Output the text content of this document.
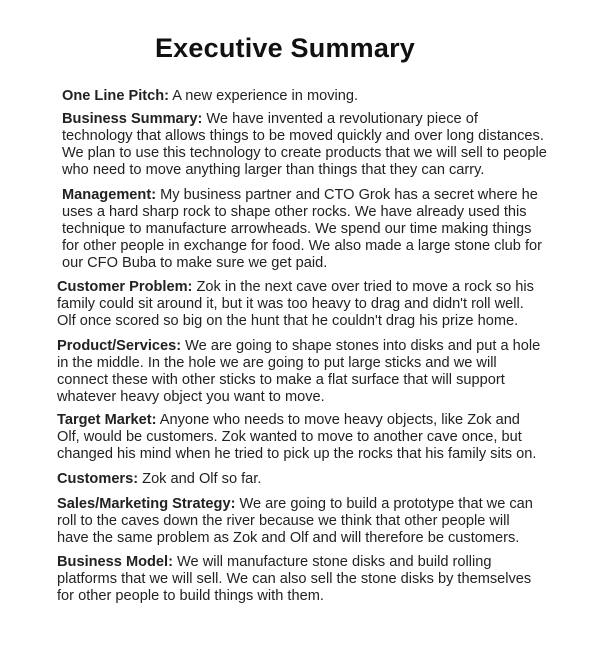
Executive Summary
One Line Pitch: A new experience in moving.
Business Summary: We have invented a revolutionary piece of
technology that allows things to be moved quickly and over long distances.
We plan to use this technology to create products that we will sell to people
who need to move anything larger than things that they can carry.
Management: My business partner and CTO Grok has a secret where he
uses a hard sharp rock to shape other rocks. We have already used this
technique to manufacture arrowheads. We spend our time making things
for other people in exchange for food. We also made a large stone club for
our CFO Buba to make sure we get paid.
Customer Problem: Zok in the next cave over tried to move a rock so his
family could sit around it, but it was too heavy to drag and didn't roll well.
Olf once scored so big on the hunt that he couldn't drag his prize home.
Product/Services: We are going to shape stones into disks and put a hole
in the middle. In the hole we are going to put large sticks and we will
connect these with other sticks to make a flat surface that will support
whatever heavy object you want to move.
Target Market: Anyone who needs to move heavy objects, like Zok and
Olf, would be customers. Zok wanted to move to another cave once, but
changed his mind when he tried to pick up the rocks that his family sits on.
Customers: Zok and Olf so far.
Sales/Marketing Strategy: We are going to build a prototype that we can
roll to the caves down the river because we think that other people will
have the same problem as Zok and Olf and will therefore be customers.
Business Model: We will manufacture stone disks and build rolling
platforms that we will sell. We can also sell the stone disks by themselves
for other people to build things with them.
